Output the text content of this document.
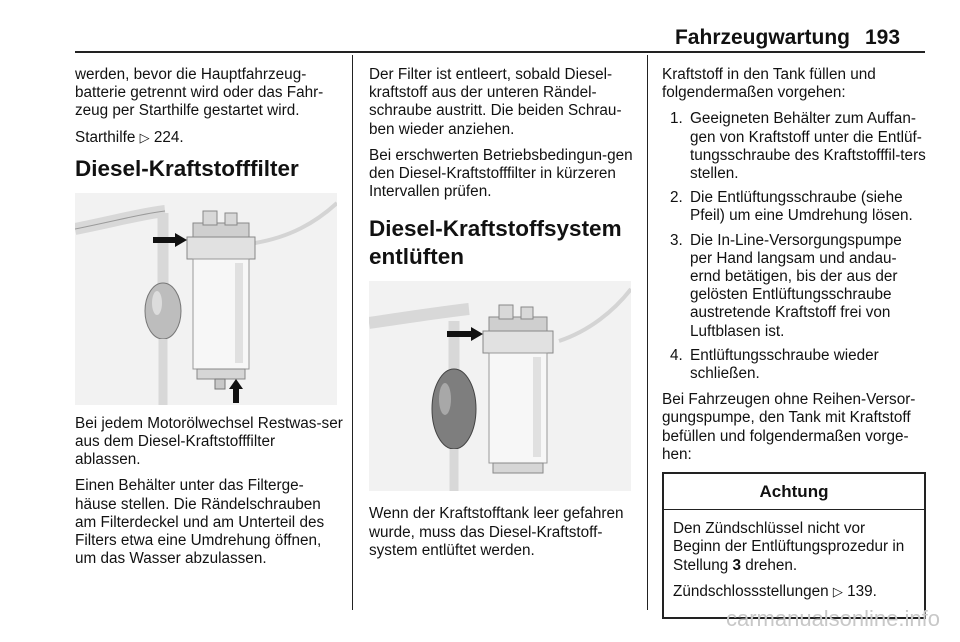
Fahrzeugwartung 193

werden, bevor die Hauptfahrzeug-batterie getrennt wird oder das Fahr-zeug per Starthilfe gestartet wird.

Starthilfe ▷ 224.

Diesel-Kraftstofffilter

Bei jedem Motorölwechsel Restwas-ser aus dem Diesel-Kraftstofffilter ablassen.

Einen Behälter unter das Filterge-häuse stellen. Die Rändelschrauben am Filterdeckel und am Unterteil des Filters etwa eine Umdrehung öffnen, um das Wasser abzulassen.

Der Filter ist entleert, sobald Diesel-kraftstoff aus der unteren Rändel-schraube austritt. Die beiden Schrau-ben wieder anziehen.

Bei erschwerten Betriebsbedingun-gen den Diesel-Kraftstofffilter in kürzeren Intervallen prüfen.

Diesel-Kraftstoffsystem
entlüften

Wenn der Kraftstofftank leer gefahren wurde, muss das Diesel-Kraftstoff-system entlüftet werden.

Kraftstoff in den Tank füllen und folgendermaßen vorgehen:

1. Geeigneten Behälter zum Auffan-gen von Kraftstoff unter die Entlüf-tungsschraube des Kraftstofffil-ters stellen.
2. Die Entlüftungsschraube (siehe Pfeil) um eine Umdrehung lösen.
3. Die In-Line-Versorgungspumpe per Hand langsam und andau-ernd betätigen, bis der aus der gelösten Entlüftungsschraube austretende Kraftstoff frei von Luftblasen ist.
4. Entlüftungsschraube wieder schließen.

Bei Fahrzeugen ohne Reihen-Versor-gungspumpe, den Tank mit Kraftstoff befüllen und folgendermaßen vorge-hen:

Achtung

Den Zündschlüssel nicht vor Beginn der Entlüftungsprozedur in Stellung 3 drehen.

Zündschlossstellungen ▷ 139.

carmanualsonline.info
